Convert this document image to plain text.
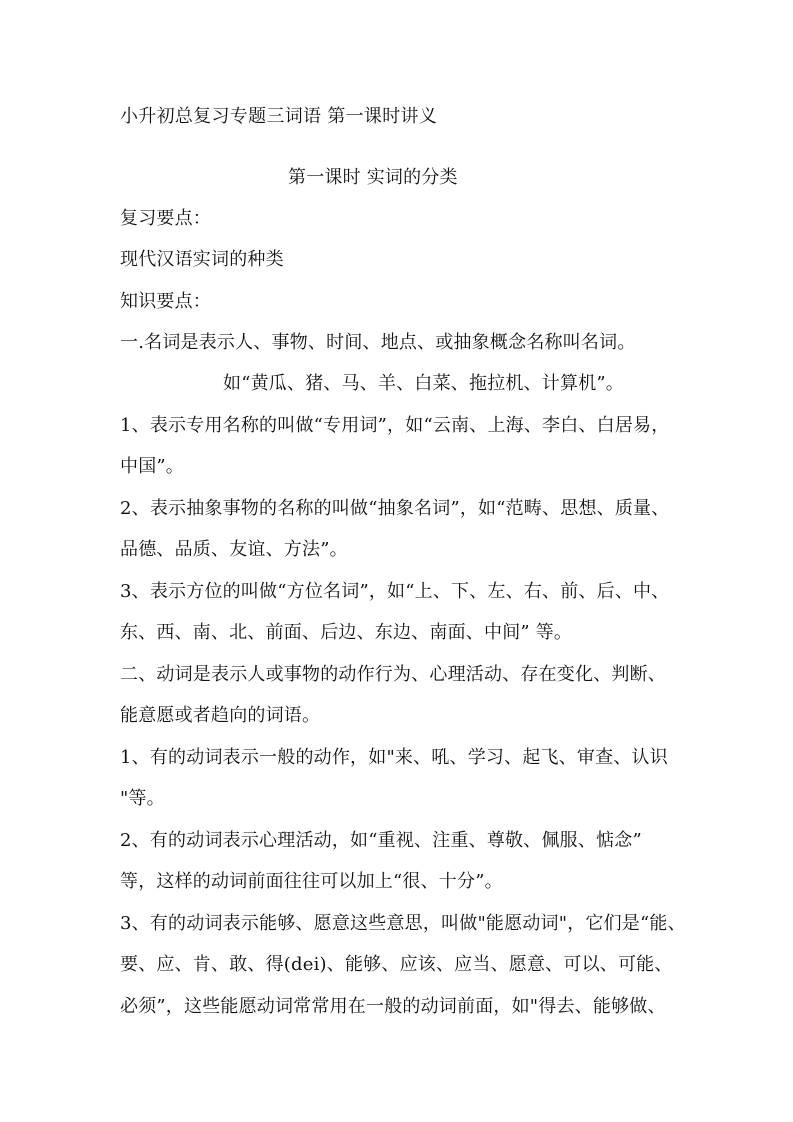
小升初总复习专题三词语 第一课时讲义
第一课时 实词的分类
复习要点：
现代汉语实词的种类
知识要点：
一.名词是表示人、事物、时间、地点、或抽象概念名称叫名词。
如“黄瓜、猪、马、羊、白菜、拖拉机、计算机”。
1、表示专用名称的叫做“专用词”，如“云南、上海、李白、白居易，
中国”。
2、表示抽象事物的名称的叫做“抽象名词”，如“范畴、思想、质量、
品德、品质、友谊、方法”。
3、表示方位的叫做“方位名词”，如“上、下、左、右、前、后、中、
东、西、南、北、前面、后边、东边、南面、中间” 等。
二、动词是表示人或事物的动作行为、心理活动、存在变化、判断、
能意愿或者趋向的词语。
1、有的动词表示一般的动作，如"来、吼、学习、起飞、审查、认识
"等。
2、有的动词表示心理活动，如“重视、注重、尊敬、佩服、惦念”
等，这样的动词前面往往可以加上“很、十分”。
3、有的动词表示能够、愿意这些意思，叫做"能愿动词"，它们是“能、
要、应、肯、敢、得(dei)、能够、应该、应当、愿意、可以、可能、
必须”，这些能愿动词常常用在一般的动词前面，如"得去、能够做、
